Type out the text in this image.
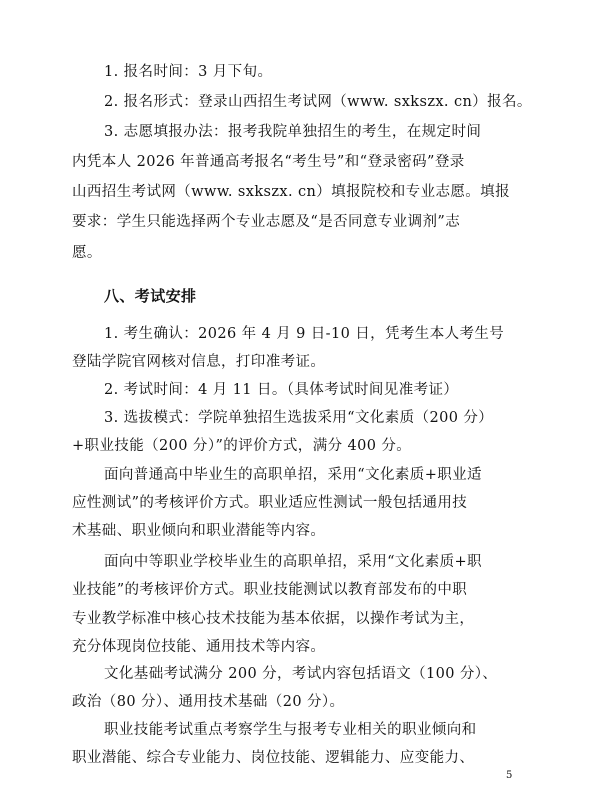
1. 报名时间：3 月下旬。
2. 报名形式：登录山西招生考试网（www. sxkszx. cn）报名。
3. 志愿填报办法：报考我院单独招生的考生，在规定时间
内凭本人 2026 年普通高考报名“考生号”和“登录密码”登录
山西招生考试网（www. sxkszx. cn）填报院校和专业志愿。填报
要求：学生只能选择两个专业志愿及“是否同意专业调剂”志
愿。
八、考试安排
1. 考生确认：2026 年 4 月 9 日-10 日，凭考生本人考生号
登陆学院官网核对信息，打印准考证。
2. 考试时间：4 月 11 日。（具体考试时间见准考证）
3. 选拔模式：学院单独招生选拔采用“文化素质（200 分）
+职业技能（200 分）”的评价方式，满分 400 分。
面向普通高中毕业生的高职单招，采用“文化素质+职业适
应性测试”的考核评价方式。职业适应性测试一般包括通用技
术基础、职业倾向和职业潜能等内容。
面向中等职业学校毕业生的高职单招，采用“文化素质+职
业技能”的考核评价方式。职业技能测试以教育部发布的中职
专业教学标准中核心技术技能为基本依据，以操作考试为主，
充分体现岗位技能、通用技术等内容。
文化基础考试满分 200 分，考试内容包括语文（100 分）、
政治（80 分）、通用技术基础（20 分）。
职业技能考试重点考察学生与报考专业相关的职业倾向和
职业潜能、综合专业能力、岗位技能、逻辑能力、应变能力、
5
